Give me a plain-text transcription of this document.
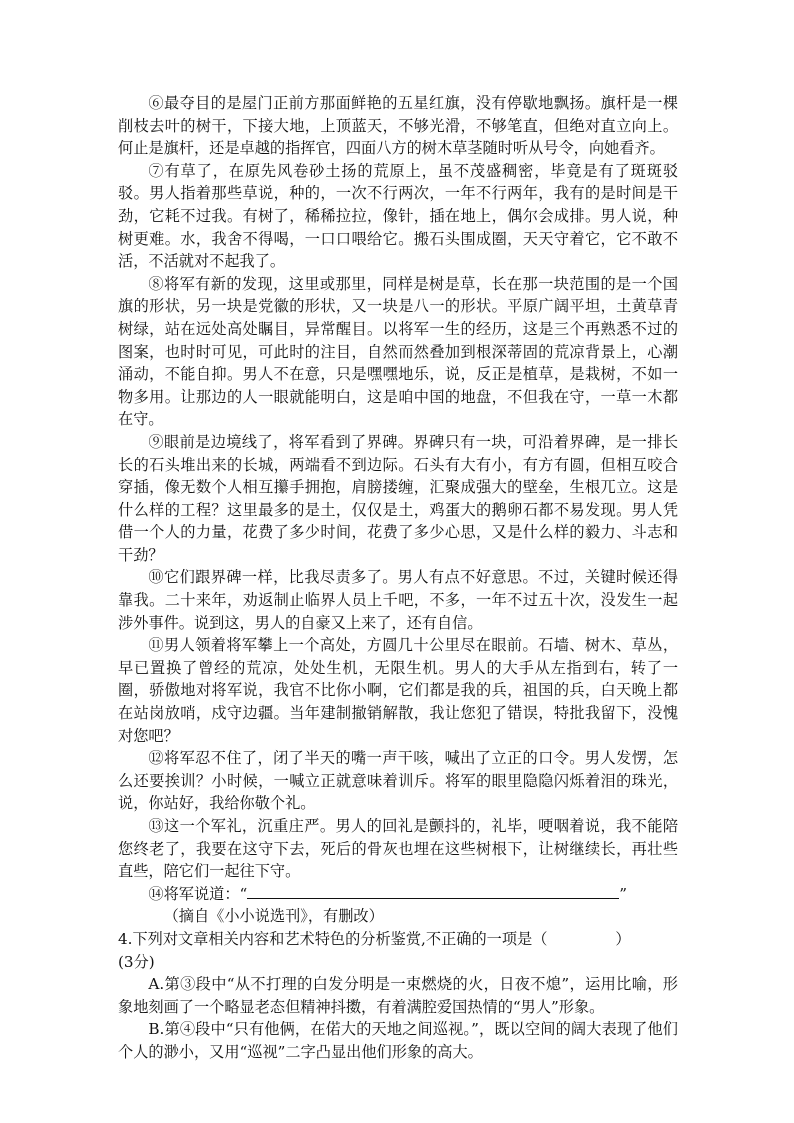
⑥最夺目的是屋门正前方那面鲜艳的五星红旗，没有停歇地飘扬。旗杆是一棵削枝去叶的树干，下接大地，上顶蓝天，不够光滑，不够笔直，但绝对直立向上。何止是旗杆，还是卓越的指挥官，四面八方的树木草茎随时听从号令，向她看齐。

⑦有草了，在原先风卷砂土扬的荒原上，虽不茂盛稠密，毕竟是有了斑斑驳驳。男人指着那些草说，种的，一次不行两次，一年不行两年，我有的是时间是干劲，它耗不过我。有树了，稀稀拉拉，像针，插在地上，偶尔会成排。男人说，种树更难。水，我舍不得喝，一口口喂给它。搬石头围成圈，天天守着它，它不敢不活，不活就对不起我了。

⑧将军有新的发现，这里或那里，同样是树是草，长在那一块范围的是一个国旗的形状，另一块是党徽的形状，又一块是八一的形状。平原广阔平坦，土黄草青树绿，站在远处高处瞩目，异常醒目。以将军一生的经历，这是三个再熟悉不过的图案，也时时可见，可此时的注目，自然而然叠加到根深蒂固的荒凉背景上，心潮涌动，不能自抑。男人不在意，只是嘿嘿地乐，说，反正是植草，是栽树，不如一物多用。让那边的人一眼就能明白，这是咱中国的地盘，不但我在守，一草一木都在守。

⑨眼前是边境线了，将军看到了界碑。界碑只有一块，可沿着界碑，是一排长长的石头堆出来的长城，两端看不到边际。石头有大有小，有方有圆，但相互咬合穿插，像无数个人相互攥手拥抱，肩膀搂缠，汇聚成强大的壁垒，生根兀立。这是什么样的工程？这里最多的是土，仅仅是土，鸡蛋大的鹅卵石都不易发现。男人凭借一个人的力量，花费了多少时间，花费了多少心思，又是什么样的毅力、斗志和干劲？

⑩它们跟界碑一样，比我尽责多了。男人有点不好意思。不过，关键时候还得靠我。二十来年，劝返制止临界人员上千吧，不多，一年不过五十次，没发生一起涉外事件。说到这，男人的自豪又上来了，还有自信。

⑪男人领着将军攀上一个高处，方圆几十公里尽在眼前。石墙、树木、草丛，早已置换了曾经的荒凉，处处生机，无限生机。男人的大手从左指到右，转了一圈，骄傲地对将军说，我官不比你小啊，它们都是我的兵，祖国的兵，白天晚上都在站岗放哨，戍守边疆。当年建制撤销解散，我让您犯了错误，特批我留下，没愧对您吧？

⑫将军忍不住了，闭了半天的嘴一声干咳，喊出了立正的口令。男人发愣，怎么还要挨训？小时候，一喊立正就意味着训斥。将军的眼里隐隐闪烁着泪的珠光，说，你站好，我给你敬个礼。

⑬这一个军礼，沉重庄严。男人的回礼是颤抖的，礼毕，哽咽着说，我不能陪您终老了，我要在这守下去，死后的骨灰也埋在这些树根下，让树继续长，再壮些直些，陪它们一起往下守。

⑭将军说道：“	”

（摘自《小小说选刊》，有删改）

4.下列对文章相关内容和艺术特色的分析鉴赏,不正确的一项是（	）
(3分)

A.第③段中“从不打理的白发分明是一束燃烧的火，日夜不熄”，运用比喻，形象地刻画了一个略显老态但精神抖擞，有着满腔爱国热情的“男人”形象。

B.第④段中“只有他俩，在偌大的天地之间巡视。”，既以空间的阔大表现了他们个人的渺小，又用“巡视”二字凸显出他们形象的高大。
